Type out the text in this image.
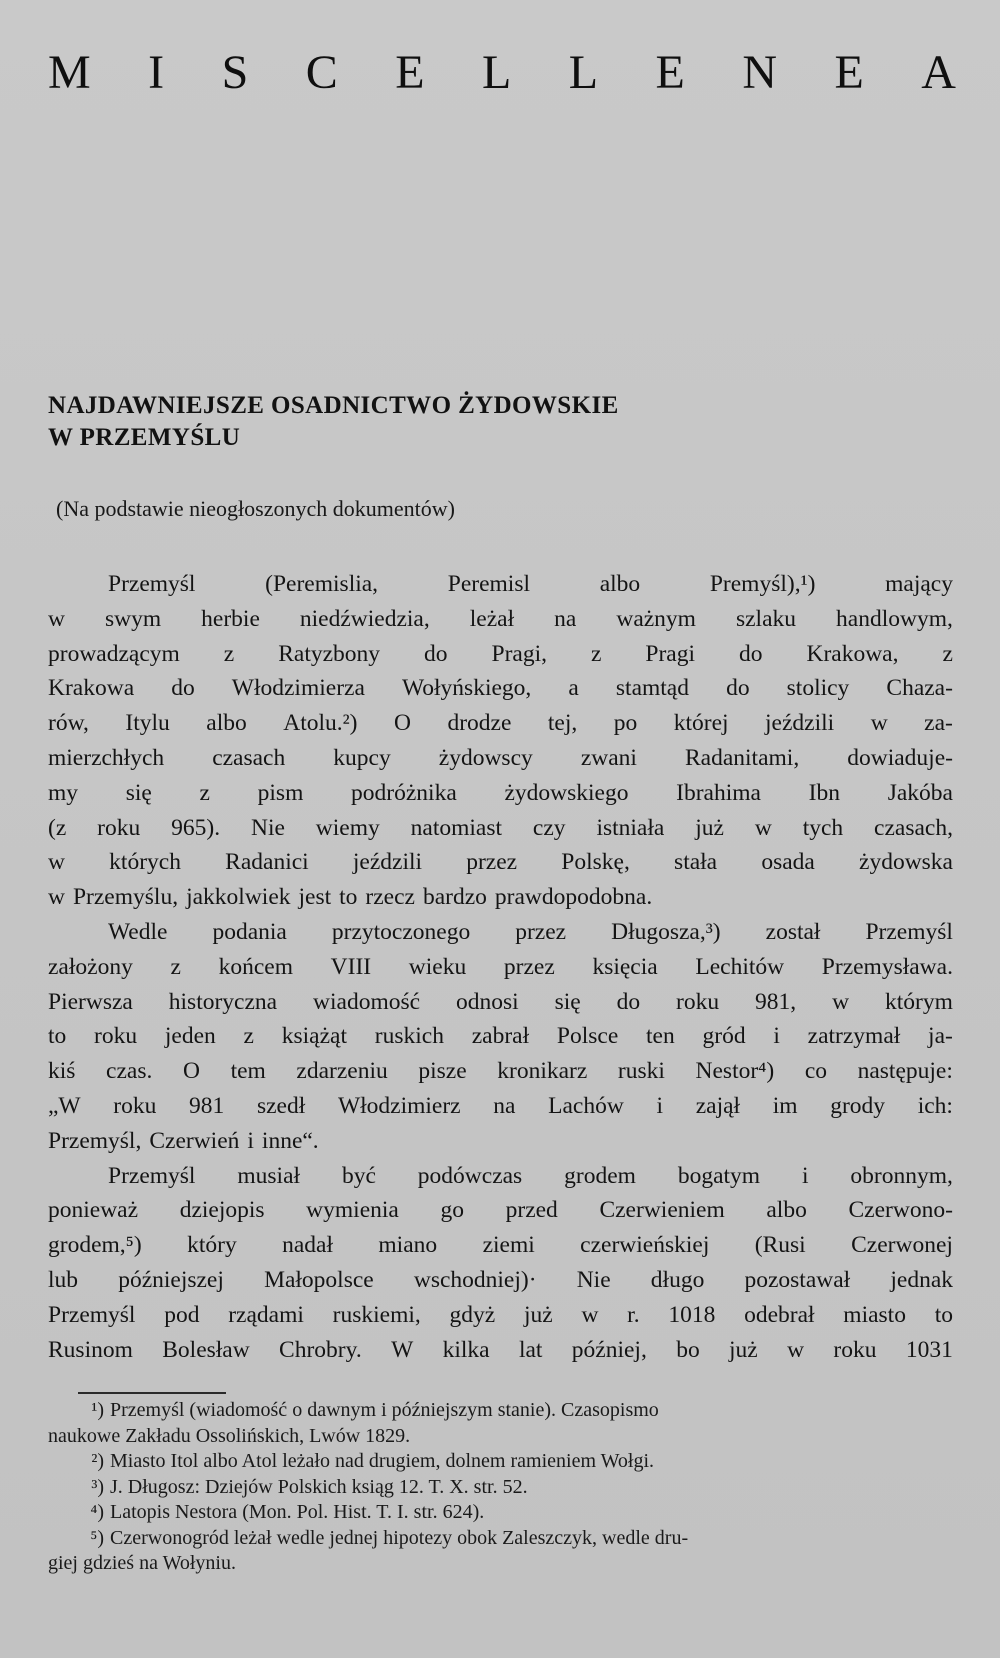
M I S C E L L E N E A
NAJDAWNIEJSZE OSADNICTWO ŻYDOWSKIE
W PRZEMYŚLU
(Na podstawie nieogłoszonych dokumentów)
Przemyśl	(Peremislia,	Peremisl	albo	Premyśl),¹)	mający
w swym herbie niedźwiedzia, leżał na ważnym szlaku handlowym,
prowadzącym z Ratyzbony do Pragi, z Pragi do Krakowa, z
Krakowa do Włodzimierza Wołyńskiego, a stamtąd do stolicy Chaza-
rów, Itylu albo Atolu.²) O drodze tej, po której jeździli w za-
mierzchłych czasach kupcy żydowscy zwani Radanitami, dowiaduje-
my się z pism podróżnika żydowskiego Ibrahima Ibn Jakóba
(z roku 965). Nie wiemy natomiast czy istniała już w tych czasach,
w których Radanici jeździli przez Polskę, stała osada żydowska
w Przemyślu, jakkolwiek jest to rzecz bardzo prawdopodobna.
Wedle podania przytoczonego przez Długosza,³) został Przemyśl
założony z końcem VIII wieku przez księcia Lechitów Przemysława.
Pierwsza historyczna wiadomość odnosi się do roku 981, w którym
to roku jeden z książąt ruskich zabrał Polsce ten gród i zatrzymał ja-
kiś czas. O tem zdarzeniu pisze kronikarz ruski Nestor⁴) co następuje:
„W roku 981 szedł Włodzimierz na Lachów i zajął im grody ich:
Przemyśl, Czerwień i inne“.
Przemyśl musiał być podówczas grodem bogatym i obronnym,
ponieważ dziejopis wymienia go przed Czerwieniem albo Czerwono-
grodem,⁵) który nadał miano ziemi czerwieńskiej (Rusi Czerwonej
lub późniejszej Małopolsce wschodniej)· Nie długo pozostawał jednak
Przemyśl pod rządami ruskiemi, gdyż już w r. 1018 odebrał miasto to
Rusinom Bolesław Chrobry. W kilka lat później, bo już w roku 1031
¹) Przemyśl (wiadomość o dawnym i późniejszym stanie). Czasopismo
naukowe Zakładu Ossolińskich, Lwów 1829.
²) Miasto Itol albo Atol leżało nad drugiem, dolnem ramieniem Wołgi.
³) J. Długosz: Dziejów Polskich ksiąg 12. T. X. str. 52.
⁴) Latopis Nestora (Mon. Pol. Hist. T. I. str. 624).
⁵) Czerwonogród leżał wedle jednej hipotezy obok Zaleszczyk, wedle dru-
giej gdzieś na Wołyniu.
